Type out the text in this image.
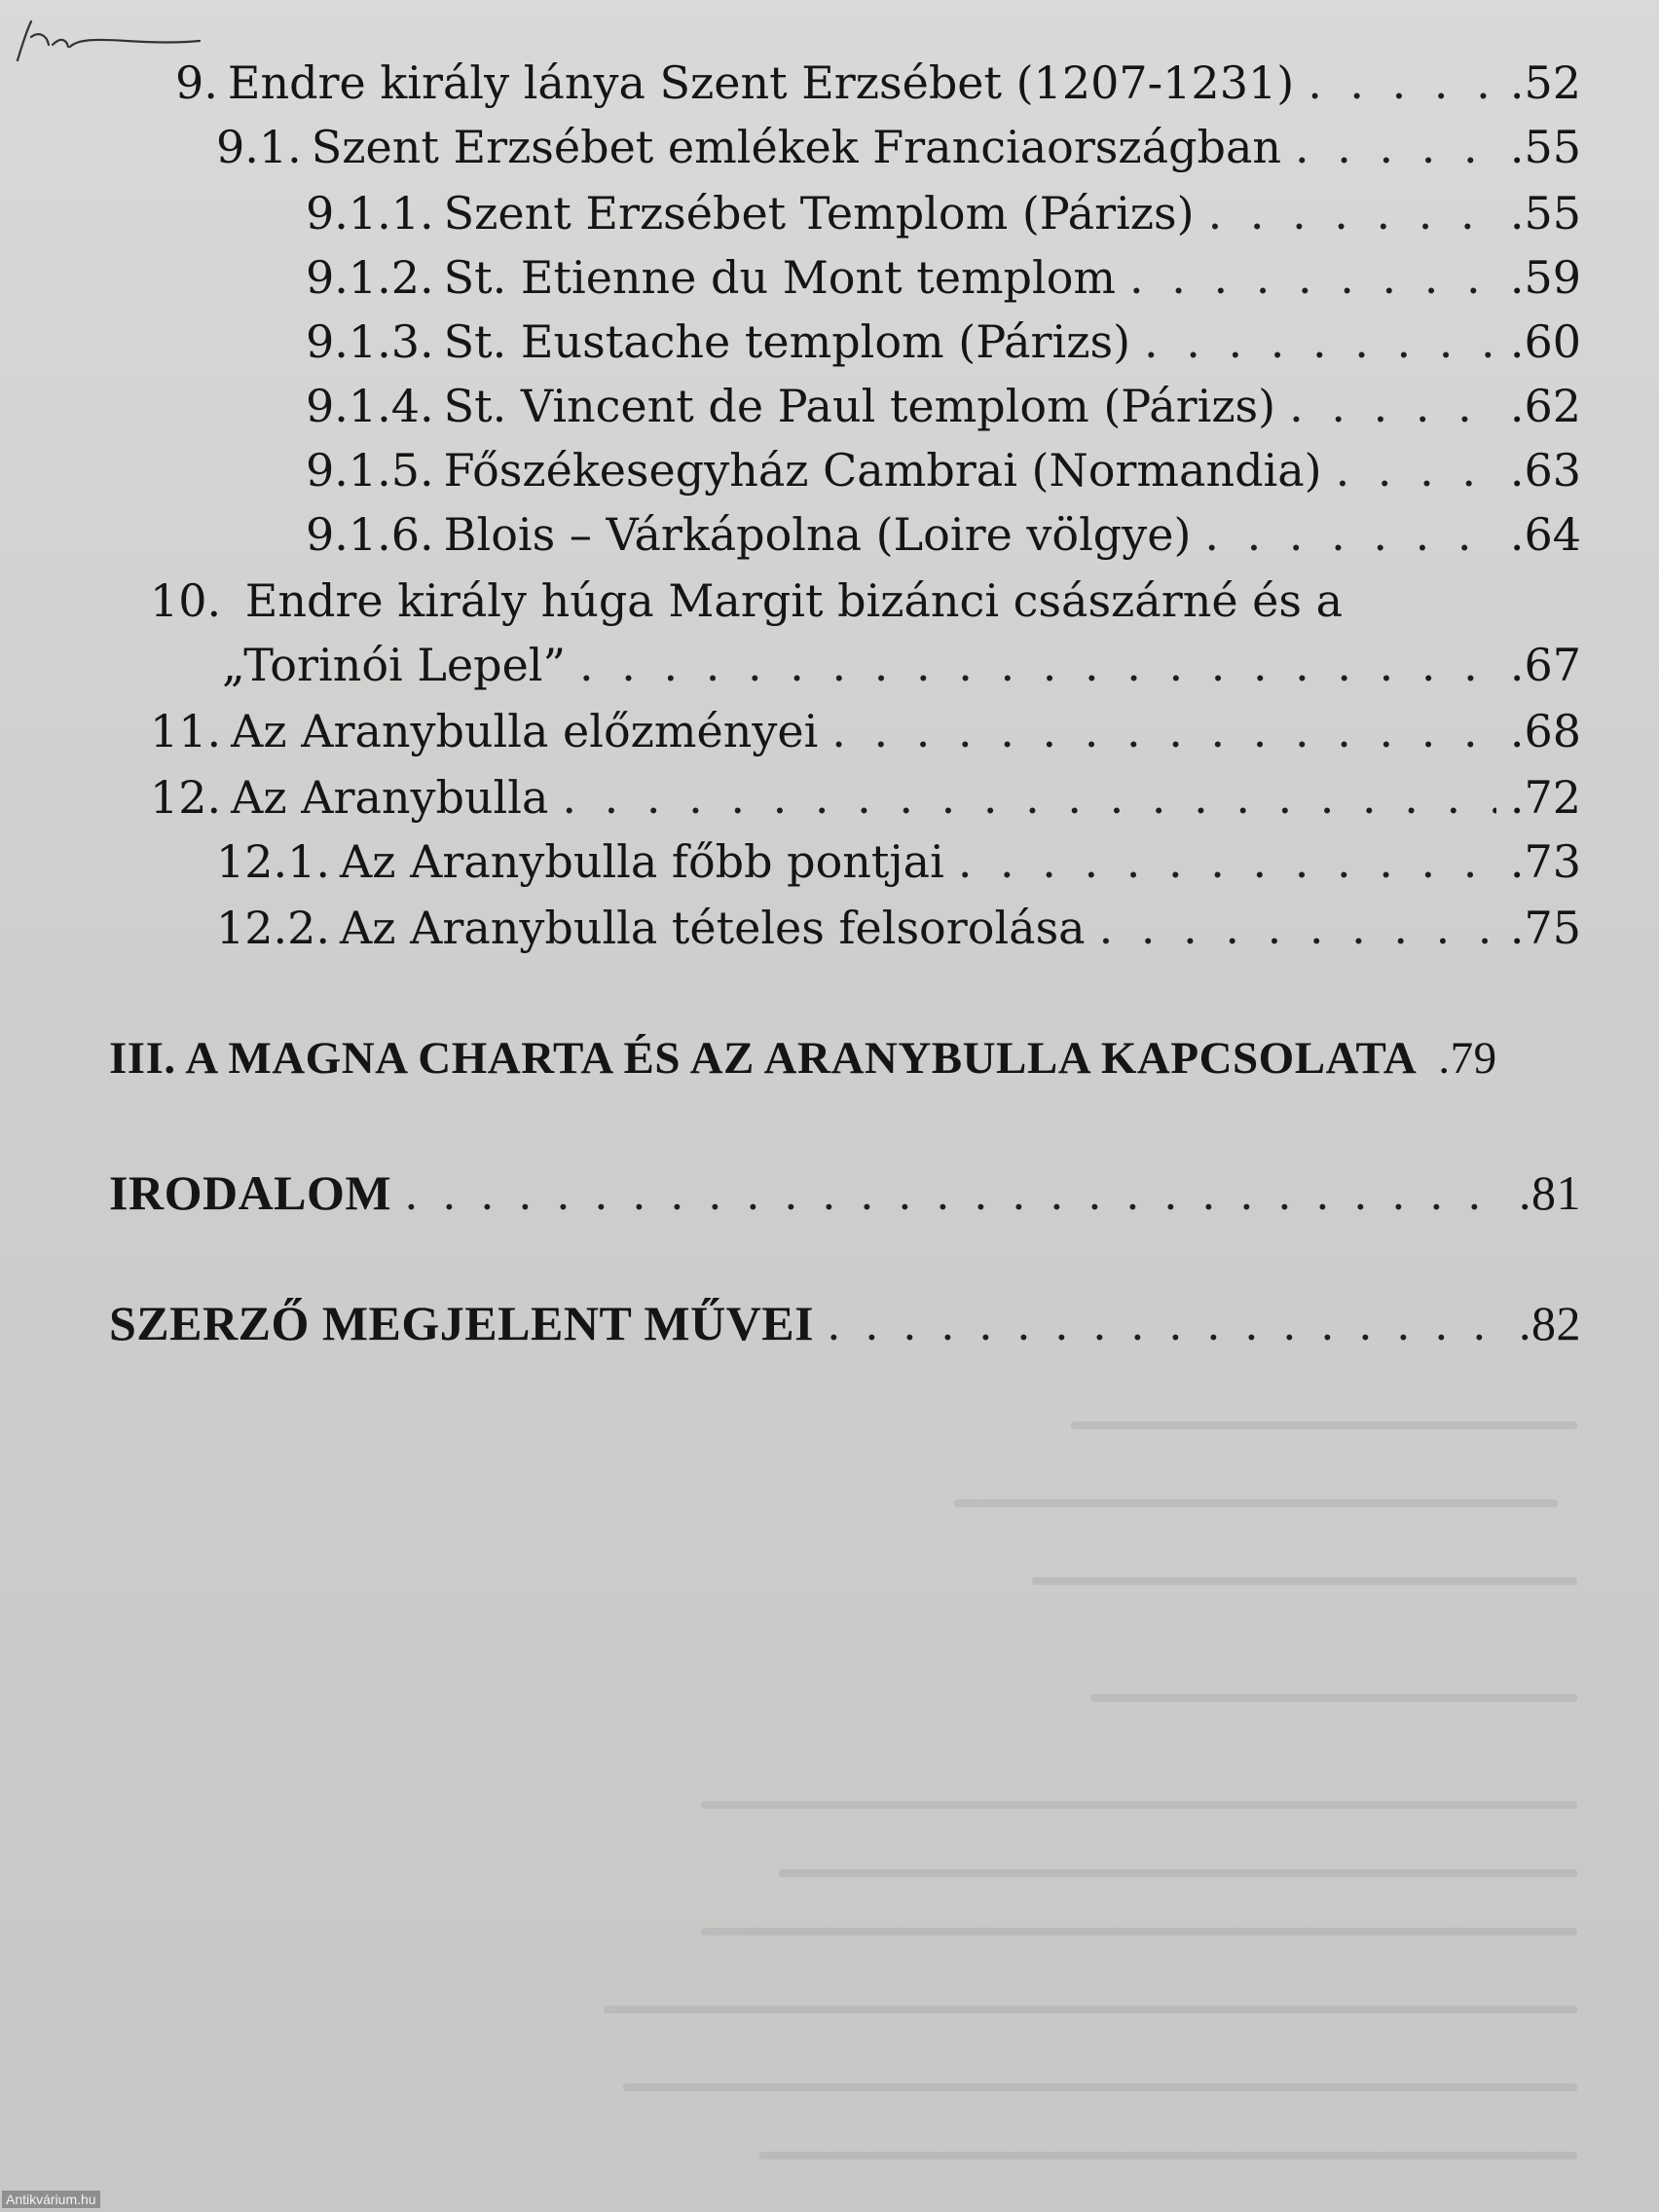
9. Endre király lánya Szent Erzsébet (1207-1231) . . .	.52
9.1. Szent Erzsébet emlékek Franciaországban . . .	.55
9.1.1. Szent Erzsébet Templom (Párizs) . . .	.55
9.1.2. St. Etienne du Mont templom . . .	.59
9.1.3. St. Eustache templom (Párizs) . . .	.60
9.1.4. St. Vincent de Paul templom (Párizs) . . .	.62
9.1.5. Főszékesegyház Cambrai (Normandia) . . .	.63
9.1.6. Blois – Várkápolna (Loire völgye) . . .	.64
10. Endre király húga Margit bizánci császárné és a
„Torinói Lepel” . . .	.67
11. Az Aranybulla előzményei . . .	.68
12. Az Aranybulla . . .	.72
12.1. Az Aranybulla főbb pontjai . . .	.73
12.2. Az Aranybulla tételes felsorolása . . .	.75
III. A MAGNA CHARTA ÉS AZ ARANYBULLA KAPCSOLATA .79
IRODALOM . . .	.81
SZERZŐ MEGJELENT MŰVEI . . .	.82
Antikvárium.hu
